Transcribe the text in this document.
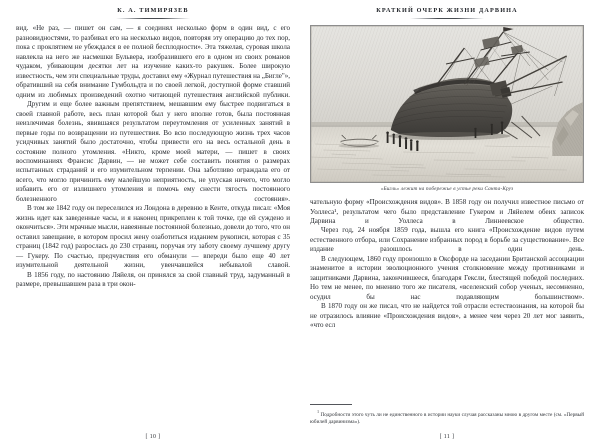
К. А. ТИМИРЯЗЕВ

вид. «Не раз, — пишет он сам, — я соединял несколько форм в один вид, с его разновидностями, то разбивал его на несколько видов, повторяя эту операцию до тех пор, пока с проклятием не убеждался в ее полной бесплодности». Эта тяжелая, суровая школа навлекла на него же насмешки Бульвера, изобразившего его в одном из своих романов чудаком, убивающим десятки лет на изучение каких-то ракушек. Более широкую известность, чем эти специальные труды, доставил ему «Журнал путешествия на „Бигле"», обративший на себя внимание Гумбольдта и по своей легкой, доступной форме ставший одним из любимых произведений охотно читающей путешествия английской публики.

Другим и еще более важным препятствием, мешавшим ему быстрее подвигаться в своей главной работе, весь план которой был у него вполне готов, была постоянная неизлечимая болезнь, явившаяся результатом переутомления от усиленных занятий в первые годы по возвращении из путешествия. Во всю последующую жизнь трех часов усидчивых занятий было достаточно, чтобы привести его на весь остальной день в состояние полного утомления. «Никто, кроме моей матери, — пишет в своих воспоминаниях Франсис Дарвин, — не может себе составить понятия о размерах испытанных страданий и его изумительном терпении. Она заботливо ограждала его от всего, что могло причинить ему малейшую неприятность, не упуская ничего, что могло избавить его от излишнего утомления и помочь ему снести тягость постоянного болезненного состояния».

В том же 1842 году он переселился из Лондона в деревню в Кенте, откуда писал: «Моя жизнь идет как заведенные часы, и я наконец прикреплен к той точке, где ей суждено и окончиться». Эти мрачные мысли, навеянные постоянной болезнью, довели до того, что он оставил завещание, в котором просил жену озаботиться изданием рукописи, которая с 35 страниц (1842 год) разрослась до 230 страниц, поручая эту заботу своему лучшему другу — Гукеру. По счастью, предчувствия его обманули — впереди было еще 40 лет изумительной деятельной жизни, увенчавшейся небывалой славой.

В 1856 году, по настоянию Ляйеля, он принялся за свой главный труд, задуманный в размере, превышавшем раза в три окон-

[ 10 ]
КРАТКИЙ ОЧЕРК ЖИЗНИ ДАРВИНА
«Бигль» лежит на побережье в устье реки Санта-Круз

чательную форму «Происхождения видов». В 1858 году он получил известное письмо от Уоллеса¹, результатом чего было представление Гукером и Ляйелем обеих записок Дарвина и Уоллеса в Линнеевское общество.

Через год, 24 ноября 1859 года, вышла его книга «Происхождение видов путем естественного отбора, или Сохранение избранных пород в борьбе за существование». Все издание разошлось в один день.

В следующем, 1860 году произошло в Оксфорде на заседании Британской ассоциации знаменитое в истории эволюционного учения столкновение между противниками и защитниками Дарвина, закончившееся, благодаря Гексли, блестящей победой последних. Но тем не менее, по мнению того же писателя, «вселенский собор ученых, несомненно, осудил бы нас подавляющим большинством».

В 1870 году он же писал, что не найдется той отрасли естествознания, на которой бы не отразилось влияние «Происхождения видов», а менее чем через 20 лет мог заявить, «что есл

$^1$ Подробности этого чуть ли не единственного в истории науки случая рассказаны мною в другом месте (см. «Первый юбилей дарвинизма»).

[ 11 ]
